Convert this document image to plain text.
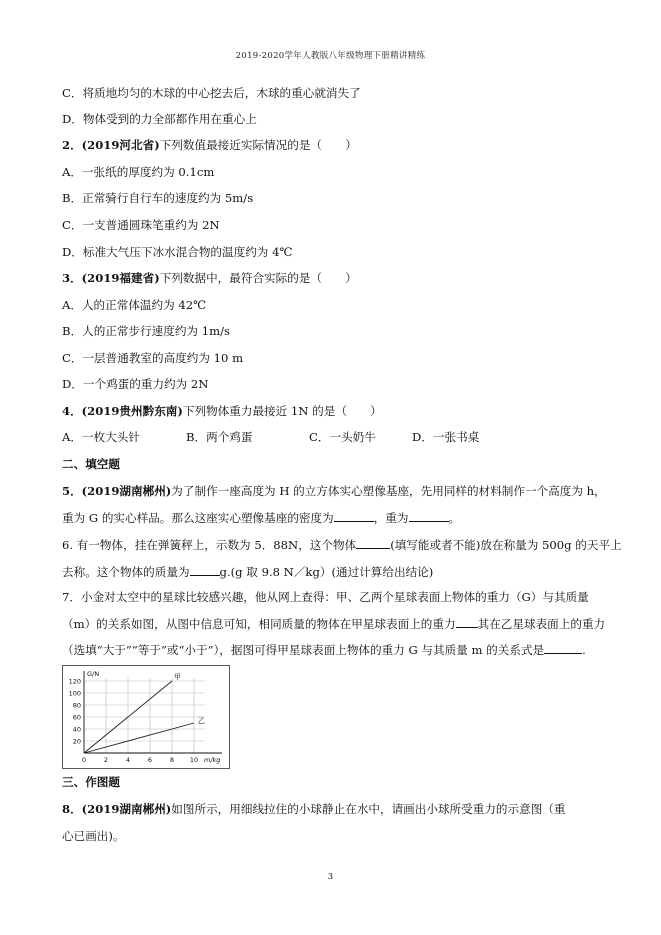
2019-2020学年人教版八年级物理下册精讲精练
C．将质地均匀的木球的中心挖去后，木球的重心就消失了
D．物体受到的力全部都作用在重心上
2．(2019河北省)下列数值最接近实际情况的是（　　）
A．一张纸的厚度约为 0.1cm
B．正常骑行自行车的速度约为 5m/s
C．一支普通圆珠笔重约为 2N
D．标准大气压下冰水混合物的温度约为 4℃
3．(2019福建省)下列数据中，最符合实际的是（　　）
A．人的正常体温约为 42℃
B．人的正常步行速度约为 1m/s
C．一层普通教室的高度约为 10 m
D．一个鸡蛋的重力约为 2N
4．(2019贵州黔东南)下列物体重力最接近 1N 的是（　　）
A．一枚大头针	B．两个鸡蛋	C．一头奶牛	D．一张书桌
二、填空题
5．(2019湖南郴州)为了制作一座高度为 H 的立方体实心塑像基座，先用同样的材料制作一个高度为 h，
重为 G 的实心样品。那么这座实心塑像基座的密度为	，重为	。
6. 有一物体，挂在弹簧秤上，示数为 5．88N，这个物体	(填写能或者不能)放在称量为 500g 的天平上
去称。这个物体的质量为	g.(g 取 9.8 N／kg）(通过计算给出结论)
7．小金对太空中的星球比较感兴趣，他从网上查得：甲、乙两个星球表面上物体的重力（G）与其质量
（m）的关系如图，从图中信息可知，相同质量的物体在甲星球表面上的重力 其在乙星球表面上的重力
（选填“大于”“等于”或“小于”），据图可得甲星球表面上物体的重力 G 与其质量 m 的关系式是	.
20
40
60
80
100
120
0	2	4	6	8 10
G/N
m/kg
甲
乙
三、作图题
8．(2019湖南郴州)如图所示，用细线拉住的小球静止在水中，请画出小球所受重力的示意图（重
心已画出)。
3
